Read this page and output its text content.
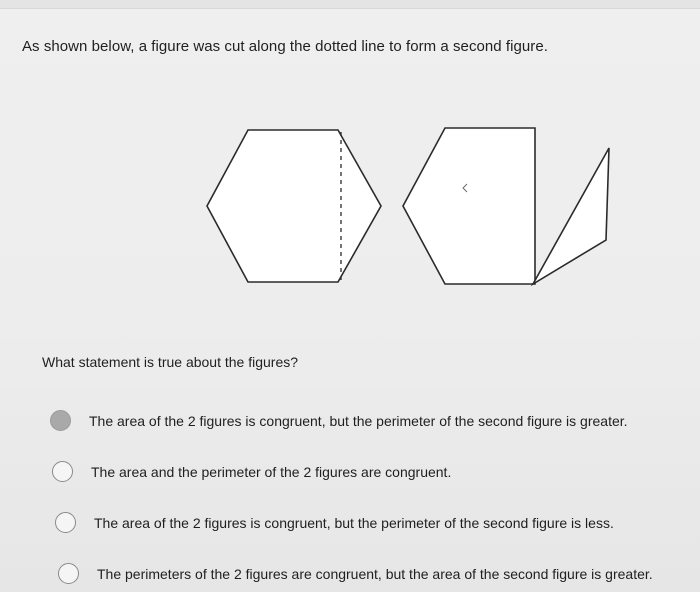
As shown below, a figure was cut along the dotted line to form a second figure.
What statement is true about the figures?
The area of the 2 figures is congruent, but the perimeter of the second figure is greater.
The area and the perimeter of the 2 figures are congruent.
The area of the 2 figures is congruent, but the perimeter of the second figure is less.
The perimeters of the 2 figures are congruent, but the area of the second figure is greater.
